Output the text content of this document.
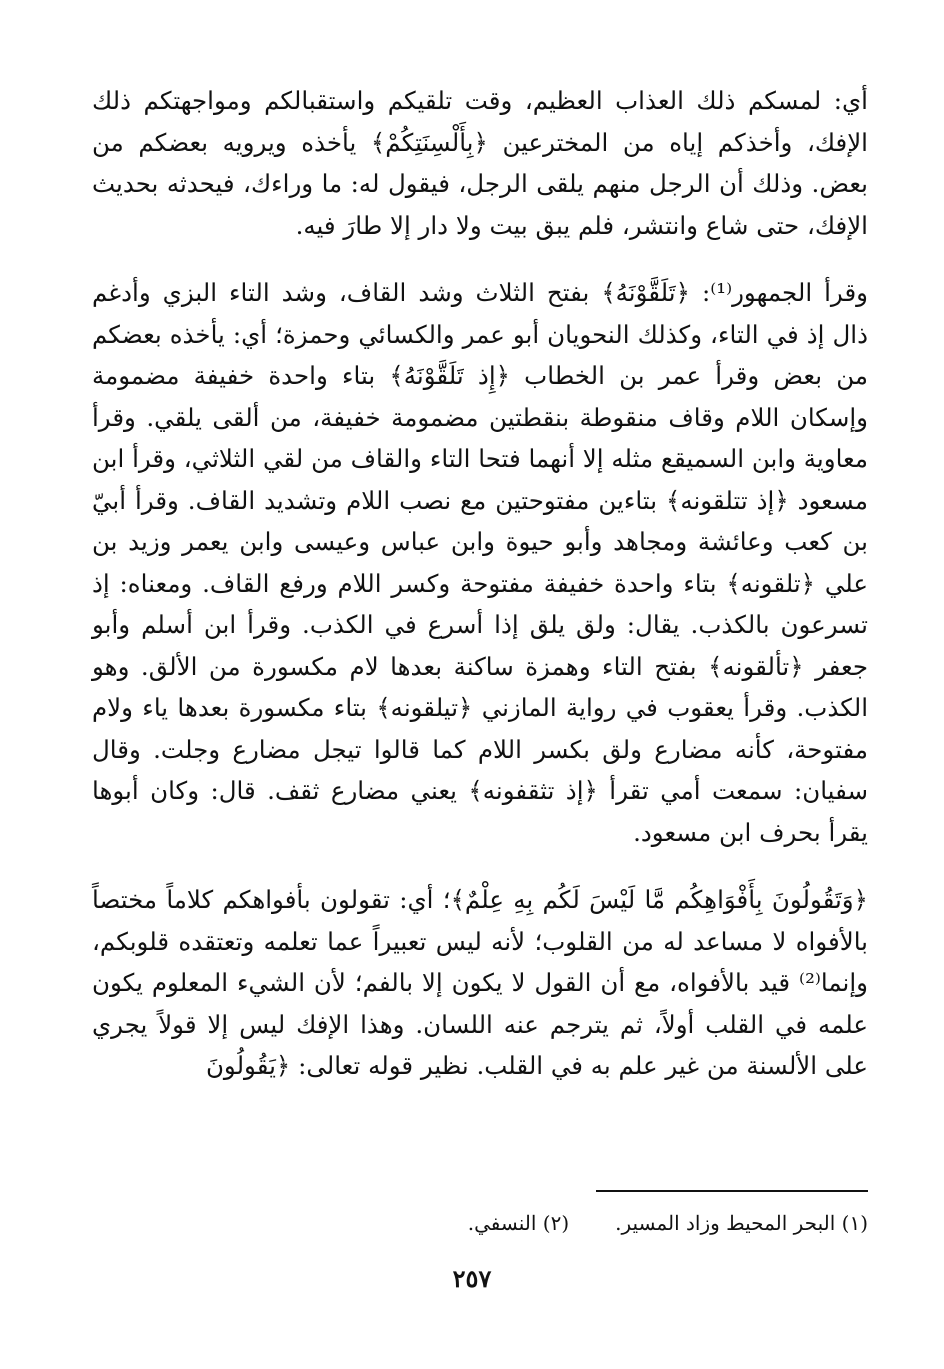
أي: لمسكم ذلك العذاب العظيم، وقت تلقيكم واستقبالكم ومواجهتكم ذلك الإفك، وأخذكم إياه من المخترعين ﴿بِأَلْسِنَتِكُمْ﴾ يأخذه ويرويه بعضكم من بعض. وذلك أن الرجل منهم يلقى الرجل، فيقول له: ما وراءك، فيحدثه بحديث الإفك، حتى شاع وانتشر، فلم يبق بيت ولا دار إلا طارَ فيه.

وقرأ الجمهور⁽¹⁾: ﴿تَلَقَّوْنَهُ﴾ بفتح الثلاث وشد القاف، وشد التاء البزي وأدغم ذال إذ في التاء، وكذلك النحويان أبو عمر والكسائي وحمزة؛ أي: يأخذه بعضكم من بعض وقرأ عمر بن الخطاب ﴿إِذ تَلَقَّوْنَهُ﴾ بتاء واحدة خفيفة مضمومة وإسكان اللام وقاف منقوطة بنقطتين مضمومة خفيفة، من ألقى يلقي. وقرأ معاوية وابن السميقع مثله إلا أنهما فتحا التاء والقاف من لقي الثلاثي، وقرأ ابن مسعود ﴿إذ تتلقونه﴾ بتاءين مفتوحتين مع نصب اللام وتشديد القاف. وقرأ أبيّ بن كعب وعائشة ومجاهد وأبو حيوة وابن عباس وعيسى وابن يعمر وزيد بن علي ﴿تلقونه﴾ بتاء واحدة خفيفة مفتوحة وكسر اللام ورفع القاف. ومعناه: إذ تسرعون بالكذب. يقال: ولق يلق إذا أسرع في الكذب. وقرأ ابن أسلم وأبو جعفر ﴿تألقونه﴾ بفتح التاء وهمزة ساكنة بعدها لام مكسورة من الألق. وهو الكذب. وقرأ يعقوب في رواية المازني ﴿تيلقونه﴾ بتاء مكسورة بعدها ياء ولام مفتوحة، كأنه مضارع ولق بكسر اللام كما قالوا تيجل مضارع وجلت. وقال سفيان: سمعت أمي تقرأ ﴿إذ تثقفونه﴾ يعني مضارع ثقف. قال: وكان أبوها يقرأ بحرف ابن مسعود.

﴿وَتَقُولُونَ بِأَفْوَاهِكُم مَّا لَيْسَ لَكُم بِهِ عِلْمٌ﴾؛ أي: تقولون بأفواهكم كلاماً مختصاً بالأفواه لا مساعد له من القلوب؛ لأنه ليس تعبيراً عما تعلمه وتعتقده قلوبكم، وإنما⁽²⁾ قيد بالأفواه، مع أن القول لا يكون إلا بالفم؛ لأن الشيء المعلوم يكون علمه في القلب أولاً، ثم يترجم عنه اللسان. وهذا الإفك ليس إلا قولاً يجري على الألسنة من غير علم به في القلب. نظير قوله تعالى: ﴿يَقُولُونَ

(١) البحر المحيط وزاد المسير.
(٢) النسفي.
٢٥٧
